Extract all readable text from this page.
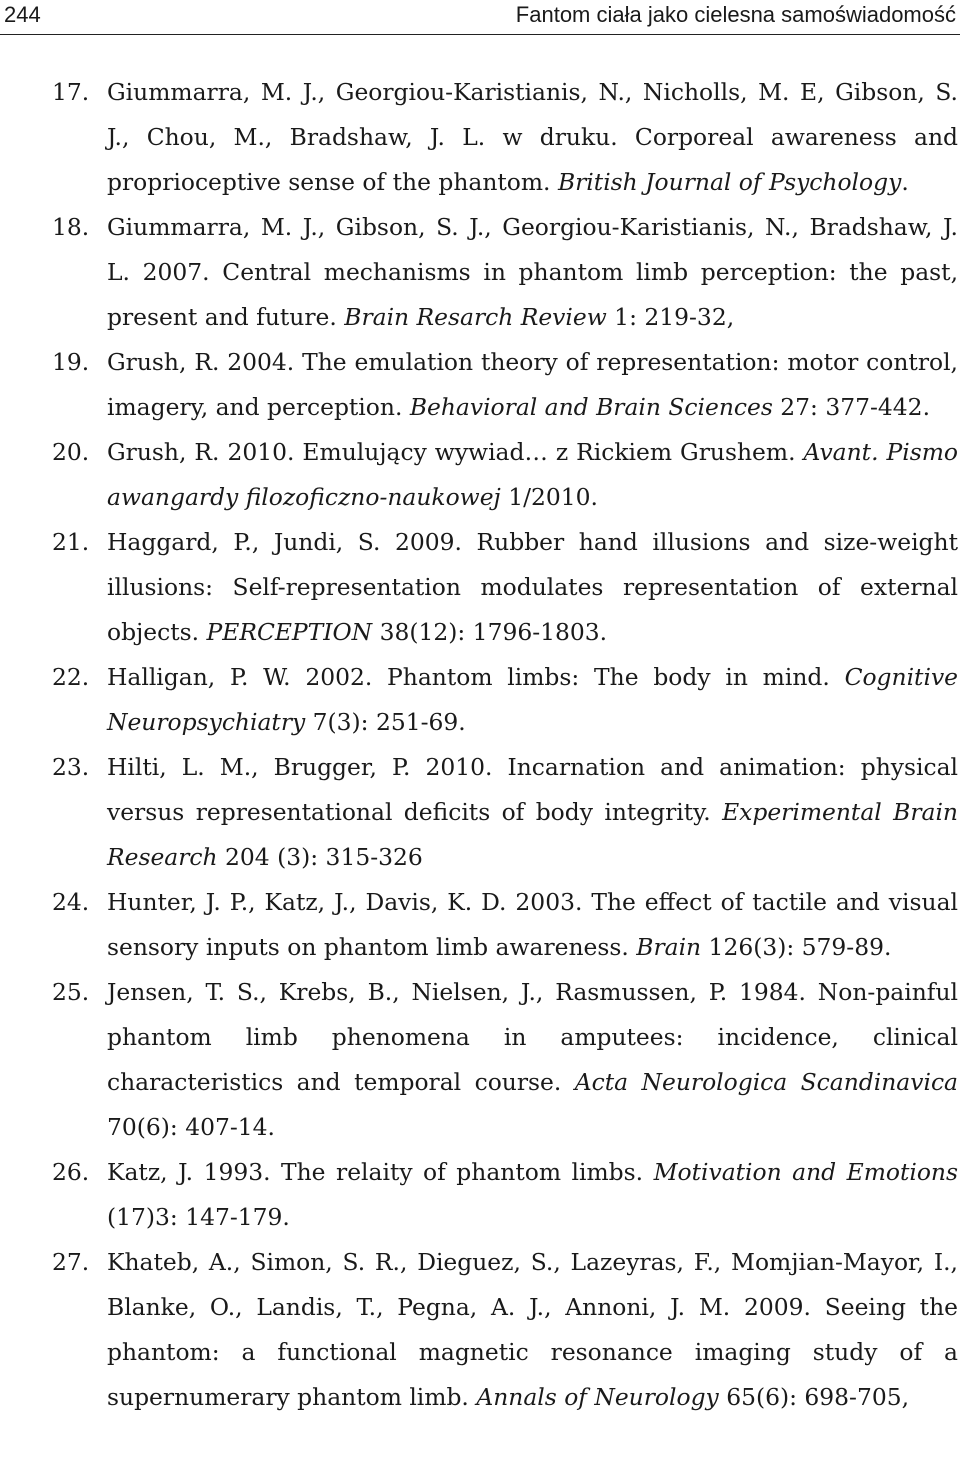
244	Fantom ciała jako cielesna samoświadomość
17. Giummarra, M. J., Georgiou-Karistianis, N., Nicholls, M. E, Gibson, S. J., Chou, M., Bradshaw, J. L. w druku. Corporeal awareness and proprioceptive sense of the phantom. British Journal of Psychology.
18. Giummarra, M. J., Gibson, S. J., Georgiou-Karistianis, N., Bradshaw, J. L. 2007. Central mechanisms in phantom limb perception: the past, present and future. Brain Resarch Review 1: 219-32,
19. Grush, R. 2004. The emulation theory of representation: motor control, imagery, and perception. Behavioral and Brain Sciences 27: 377-442.
20. Grush, R. 2010. Emulujący wywiad… z Rickiem Grushem. Avant. Pismo awangardy filozoficzno-naukowej 1/2010.
21. Haggard, P., Jundi, S. 2009. Rubber hand illusions and size-weight illusions: Self-representation modulates representation of external objects. PERCEPTION 38(12): 1796-1803.
22. Halligan, P. W. 2002. Phantom limbs: The body in mind. Cognitive Neuropsychiatry 7(3): 251-69.
23. Hilti, L. M., Brugger, P. 2010. Incarnation and animation: physical versus representational deficits of body integrity. Experimental Brain Research 204 (3): 315-326
24. Hunter, J. P., Katz, J., Davis, K. D. 2003. The effect of tactile and visual sensory inputs on phantom limb awareness. Brain 126(3): 579-89.
25. Jensen, T. S., Krebs, B., Nielsen, J., Rasmussen, P. 1984. Non-painful phantom limb phenomena in amputees: incidence, clinical characteristics and temporal course. Acta Neurologica Scandinavica 70(6): 407-14.
26. Katz, J. 1993. The relaity of phantom limbs. Motivation and Emotions (17)3: 147-179.
27. Khateb, A., Simon, S. R., Dieguez, S., Lazeyras, F., Momjian-Mayor, I., Blanke, O., Landis, T., Pegna, A. J., Annoni, J. M. 2009. Seeing the phantom: a functional magnetic resonance imaging study of a supernumerary phantom limb. Annals of Neurology 65(6): 698-705,
